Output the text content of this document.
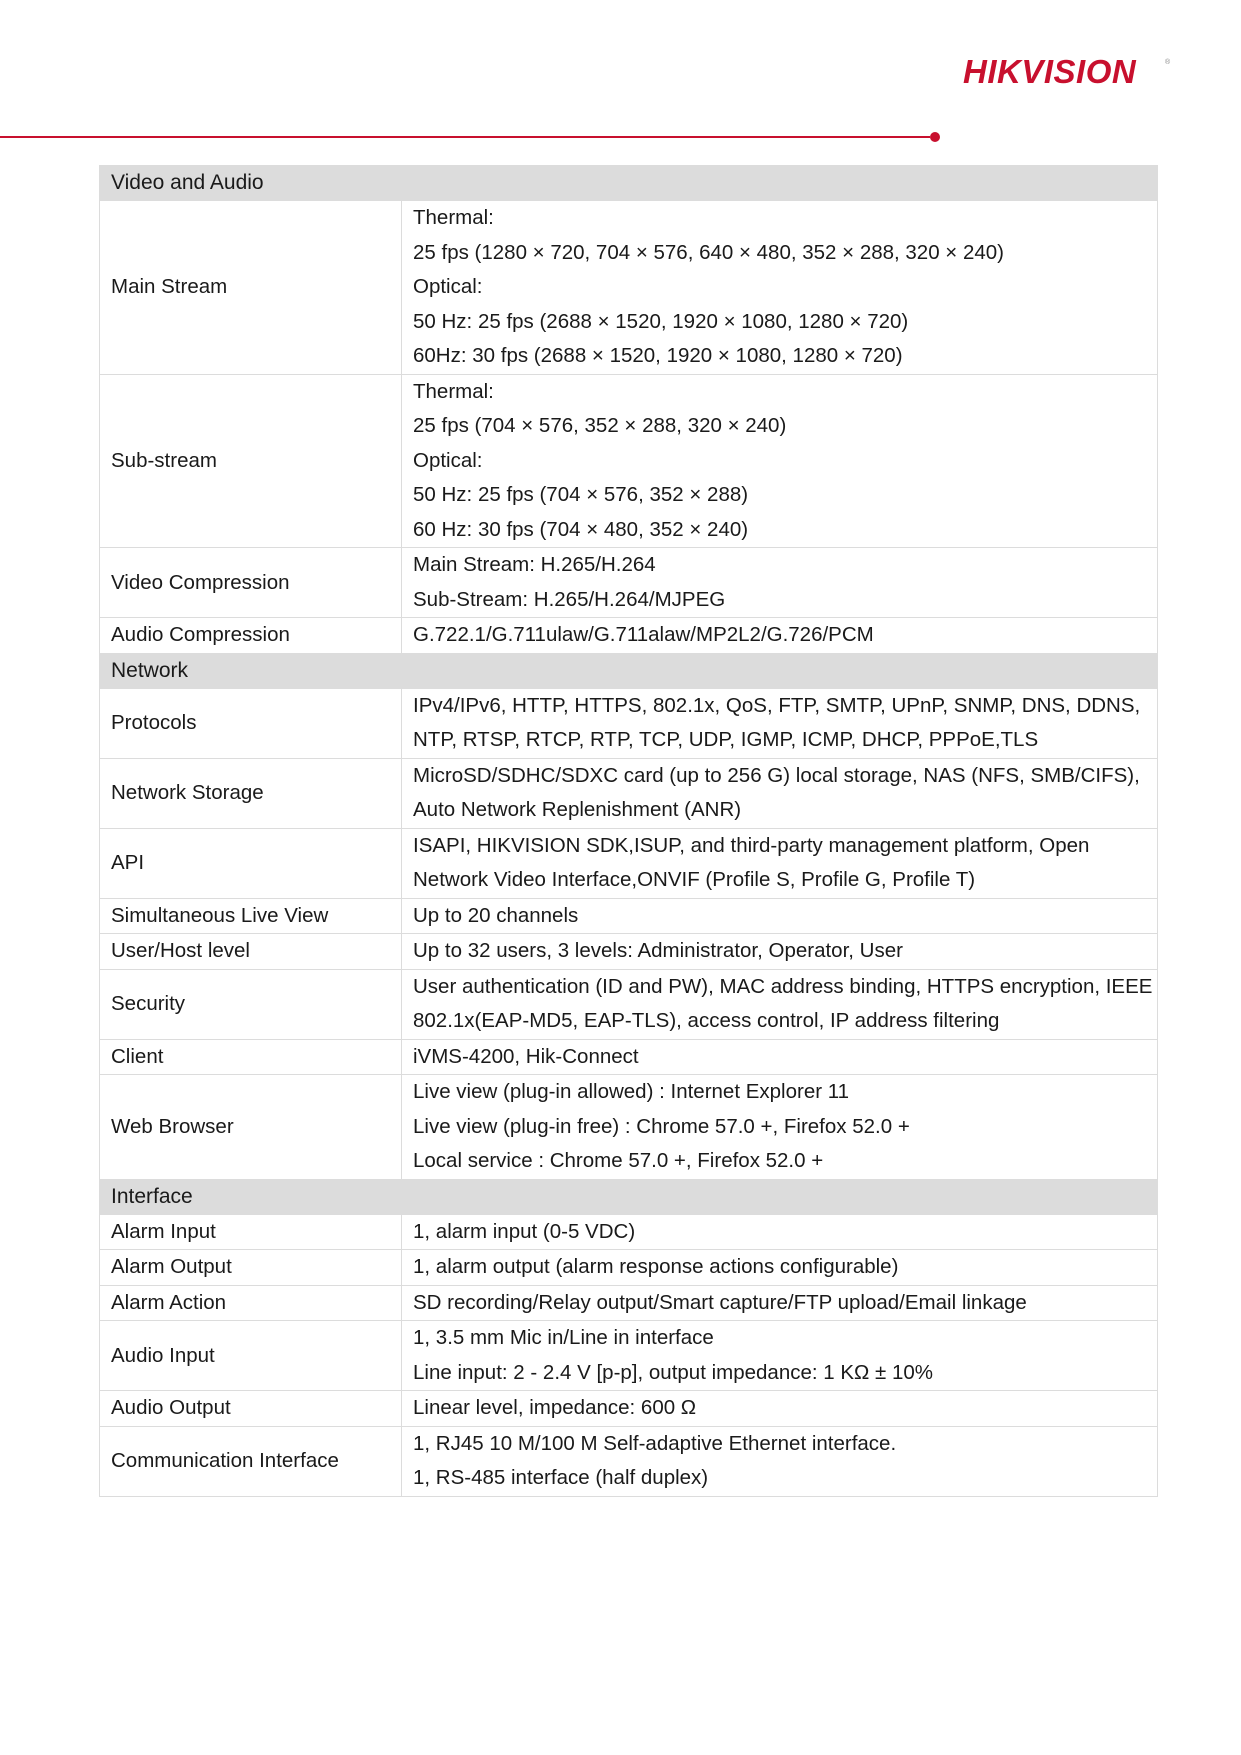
HIKVISION	®
Video and Audio	
Main Stream	Thermal:
25 fps (1280 × 720, 704 × 576, 640 × 480, 352 × 288, 320 × 240)
Optical:
50 Hz: 25 fps (2688 × 1520, 1920 × 1080, 1280 × 720)
60Hz: 30 fps (2688 × 1520, 1920 × 1080, 1280 × 720)

Sub-stream	Thermal:
25 fps (704 × 576, 352 × 288, 320 × 240)
Optical:
50 Hz: 25 fps (704 × 576, 352 × 288)
60 Hz: 30 fps (704 × 480, 352 × 240)

Video Compression	Main Stream: H.265/H.264
Sub-Stream: H.265/H.264/MJPEG

Audio Compression	G.722.1/G.711ulaw/G.711alaw/MP2L2/G.726/PCM

Network	
Protocols	IPv4/IPv6, HTTP, HTTPS, 802.1x, QoS, FTP, SMTP, UPnP, SNMP, DNS, DDNS,
NTP, RTSP, RTCP, RTP, TCP, UDP, IGMP, ICMP, DHCP, PPPoE,TLS

Network Storage	MicroSD/SDHC/SDXC card (up to 256 G) local storage, NAS (NFS, SMB/CIFS),
Auto Network Replenishment (ANR)

API	ISAPI, HIKVISION SDK,ISUP, and third-party management platform, Open
Network Video Interface,ONVIF (Profile S, Profile G, Profile T)

Simultaneous Live View	Up to 20 channels

User/Host level	Up to 32 users, 3 levels: Administrator, Operator, User

Security	User authentication (ID and PW), MAC address binding, HTTPS encryption, IEEE
802.1x(EAP-MD5, EAP-TLS), access control, IP address filtering

Client	iVMS-4200, Hik-Connect

Web Browser	Live view (plug-in allowed) : Internet Explorer 11
Live view (plug-in free) : Chrome 57.0 +, Firefox 52.0 +
Local service : Chrome 57.0 +, Firefox 52.0 +

Interface	
Alarm Input	1, alarm input (0-5 VDC)

Alarm Output	1, alarm output (alarm response actions configurable)

Alarm Action	SD recording/Relay output/Smart capture/FTP upload/Email linkage

Audio Input	1, 3.5 mm Mic in/Line in interface
Line input: 2 - 2.4 V [p-p], output impedance: 1 KΩ ± 10%

Audio Output	Linear level, impedance: 600 Ω

Communication Interface	1, RJ45 10 M/100 M Self-adaptive Ethernet interface.
1, RS-485 interface (half duplex)
